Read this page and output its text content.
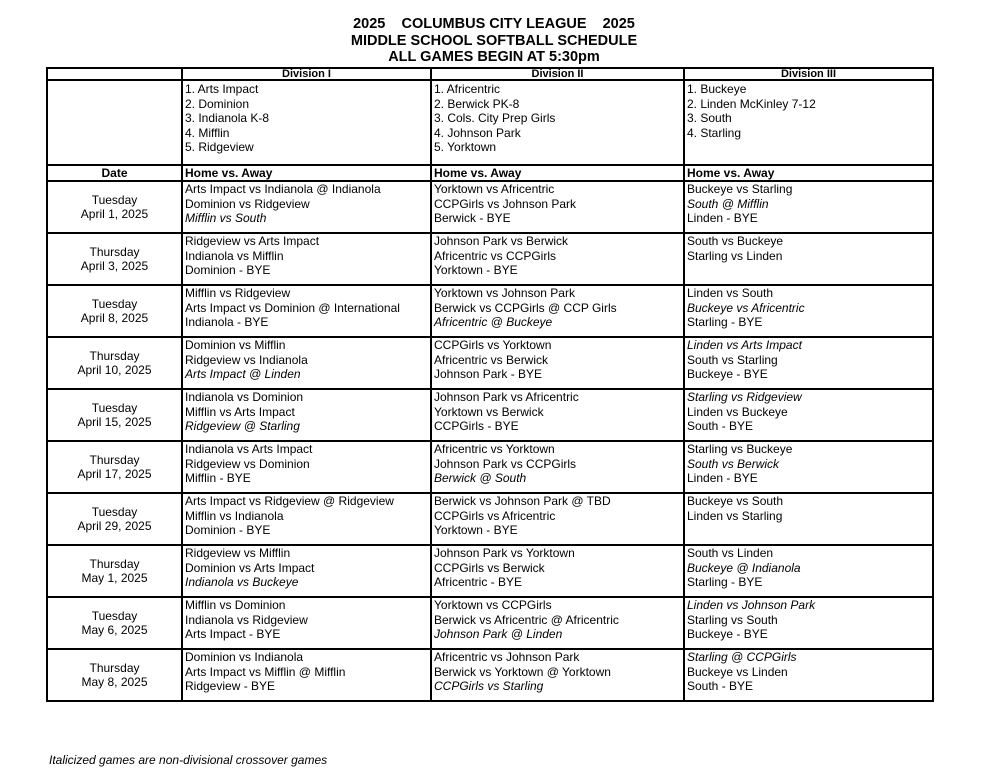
2025    COLUMBUS CITY LEAGUE    2025
MIDDLE SCHOOL SOFTBALL SCHEDULE
ALL GAMES BEGIN AT 5:30pm
	Division I	Division II	Division III

	1. Arts Impact
2. Dominion
3. Indianola K-8
4. Mifflin
5. Ridgeview	1. Africentric
2. Berwick PK-8
3. Cols. City Prep Girls
4. Johnson Park
5. Yorktown	1. Buckeye
2. Linden McKinley 7-12
3. South
4. Starling

Date	Home vs. Away	Home vs. Away	Home vs. Away

Tuesday
April 1, 2025	Arts Impact vs Indianola @ Indianola
Dominion vs Ridgeview
Mifflin vs South	Yorktown vs Africentric
CCPGirls vs Johnson Park
Berwick - BYE	Buckeye vs Starling
South @ Mifflin
Linden - BYE

Thursday
April 3, 2025	Ridgeview vs Arts Impact
Indianola vs Mifflin
Dominion - BYE	Johnson Park vs Berwick
Africentric vs CCPGirls
Yorktown - BYE	South vs Buckeye
Starling vs Linden

Tuesday
April 8, 2025	Mifflin vs Ridgeview
Arts Impact vs Dominion @ International
Indianola - BYE	Yorktown vs Johnson Park
Berwick vs CCPGirls @ CCP Girls
Africentric @ Buckeye	Linden vs South
Buckeye vs Africentric
Starling - BYE

Thursday
April 10, 2025	Dominion vs Mifflin
Ridgeview vs Indianola
Arts Impact @ Linden	CCPGirls vs Yorktown
Africentric vs Berwick
Johnson Park - BYE	Linden vs Arts Impact
South vs Starling
Buckeye - BYE

Tuesday
April 15, 2025	Indianola vs Dominion
Mifflin vs Arts Impact
Ridgeview @ Starling	Johnson Park vs Africentric
Yorktown vs Berwick
CCPGirls - BYE	Starling vs Ridgeview
Linden vs Buckeye
South - BYE

Thursday
April 17, 2025	Indianola vs Arts Impact
Ridgeview vs Dominion
Mifflin - BYE	Africentric vs Yorktown
Johnson Park vs CCPGirls
Berwick @ South	Starling vs Buckeye
South vs Berwick
Linden - BYE

Tuesday
April 29, 2025	Arts Impact vs Ridgeview @ Ridgeview
Mifflin vs Indianola
Dominion - BYE	Berwick vs Johnson Park @ TBD
CCPGirls vs Africentric
Yorktown - BYE	Buckeye vs South
Linden vs Starling

Thursday
May 1, 2025	Ridgeview vs Mifflin
Dominion vs Arts Impact
Indianola vs Buckeye	Johnson Park vs Yorktown
CCPGirls vs Berwick
Africentric - BYE	South vs Linden
Buckeye @ Indianola
Starling - BYE

Tuesday
May 6, 2025	Mifflin vs Dominion
Indianola vs Ridgeview
Arts Impact - BYE	Yorktown vs CCPGirls
Berwick vs Africentric @ Africentric
Johnson Park @ Linden	Linden vs Johnson Park
Starling vs South
Buckeye - BYE

Thursday
May 8, 2025	Dominion vs Indianola
Arts Impact vs Mifflin @ Mifflin
Ridgeview - BYE	Africentric vs Johnson Park
Berwick vs Yorktown @ Yorktown
CCPGirls vs Starling	Starling @ CCPGirls
Buckeye vs Linden
South - BYE
Italicized games are non-divisional crossover games
